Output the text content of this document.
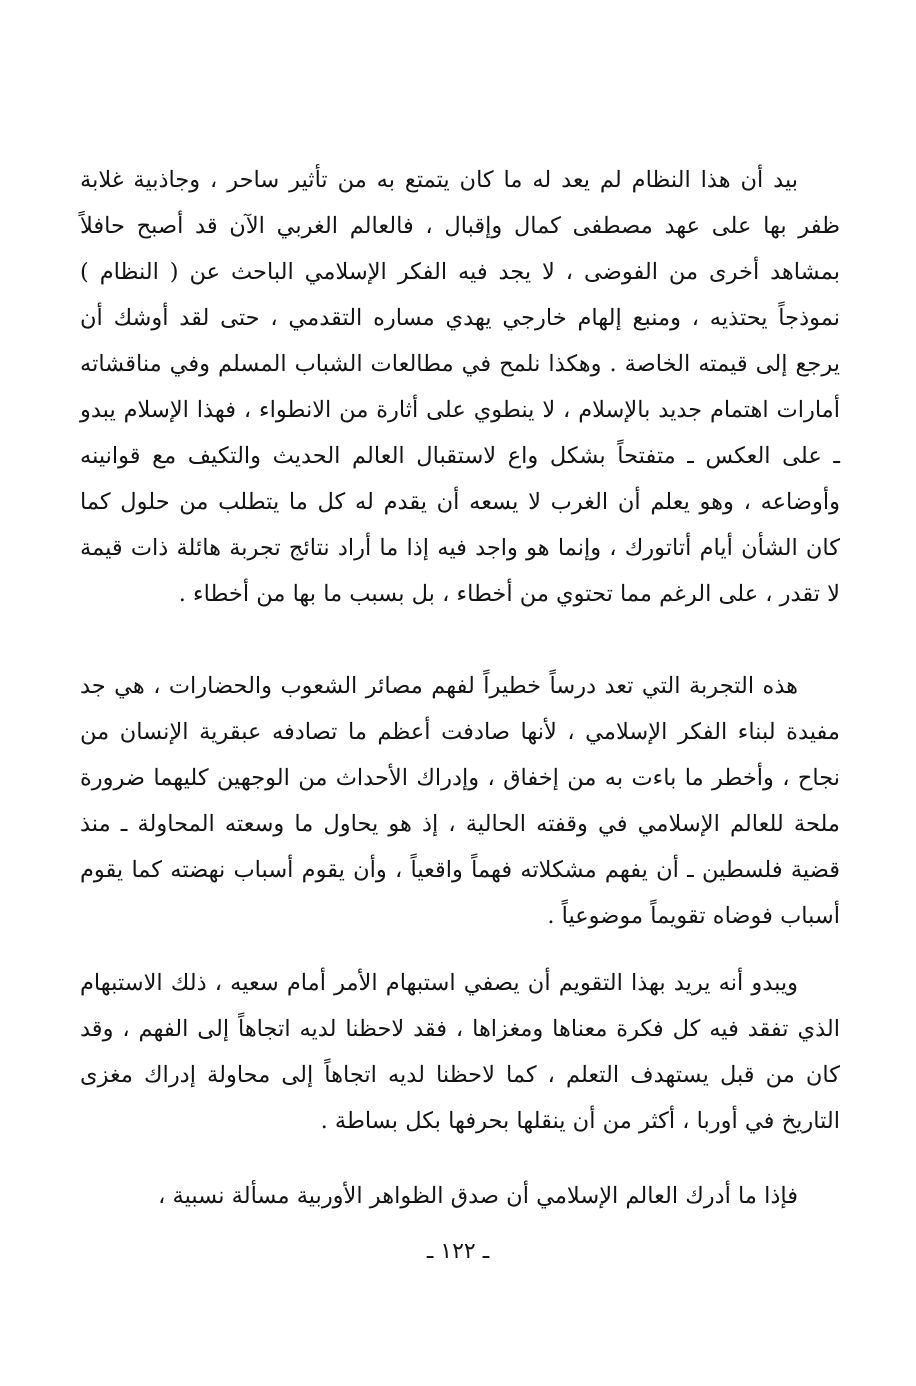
بيد أن هذا النظام لم يعد له ما كان يتمتع به من تأثير ساحر ، وجاذبية غلابة ظفر بها على عهد مصطفى كمال وإقبال ، فالعالم الغربي الآن قد أصبح حافلاً بمشاهد أخرى من الفوضى ، لا يجد فيه الفكر الإسلامي الباحث عن ( النظام ) نموذجاً يحتذيه ، ومنبع إلهام خارجي يهدي مساره التقدمي ، حتى لقد أوشك أن يرجع إلى قيمته الخاصة . وهكذا نلمح في مطالعات الشباب المسلم وفي مناقشاته أمارات اهتمام جديد بالإسلام ، لا ينطوي على أثارة من الانطواء ، فهذا الإسلام يبدو ـ على العكس ـ متفتحاً بشكل واع لاستقبال العالم الحديث والتكيف مع قوانينه وأوضاعه ، وهو يعلم أن الغرب لا يسعه أن يقدم له كل ما يتطلب من حلول كما كان الشأن أيام أتاتورك ، وإنما هو واجد فيه إذا ما أراد نتائج تجربة هائلة ذات قيمة لا تقدر ، على الرغم مما تحتوي من أخطاء ، بل بسبب ما بها من أخطاء .

هذه التجربة التي تعد درساً خطيراً لفهم مصائر الشعوب والحضارات ، هي جد مفيدة لبناء الفكر الإسلامي ، لأنها صادفت أعظم ما تصادفه عبقرية الإنسان من نجاح ، وأخطر ما باءت به من إخفاق ، وإدراك الأحداث من الوجهين كليهما ضرورة ملحة للعالم الإسلامي في وقفته الحالية ، إذ هو يحاول ما وسعته المحاولة ـ منذ قضية فلسطين ـ أن يفهم مشكلاته فهماً واقعياً ، وأن يقوم أسباب نهضته كما يقوم أسباب فوضاه تقويماً موضوعياً .

ويبدو أنه يريد بهذا التقويم أن يصفي استبهام الأمر أمام سعيه ، ذلك الاستبهام الذي تفقد فيه كل فكرة معناها ومغزاها ، فقد لاحظنا لديه اتجاهاً إلى الفهم ، وقد كان من قبل يستهدف التعلم ، كما لاحظنا لديه اتجاهاً إلى محاولة إدراك مغزى التاريخ في أوربا ، أكثر من أن ينقلها بحرفها بكل بساطة .

فإذا ما أدرك العالم الإسلامي أن صدق الظواهر الأوربية مسألة نسبية ،

ـ ١٢٢ ـ
